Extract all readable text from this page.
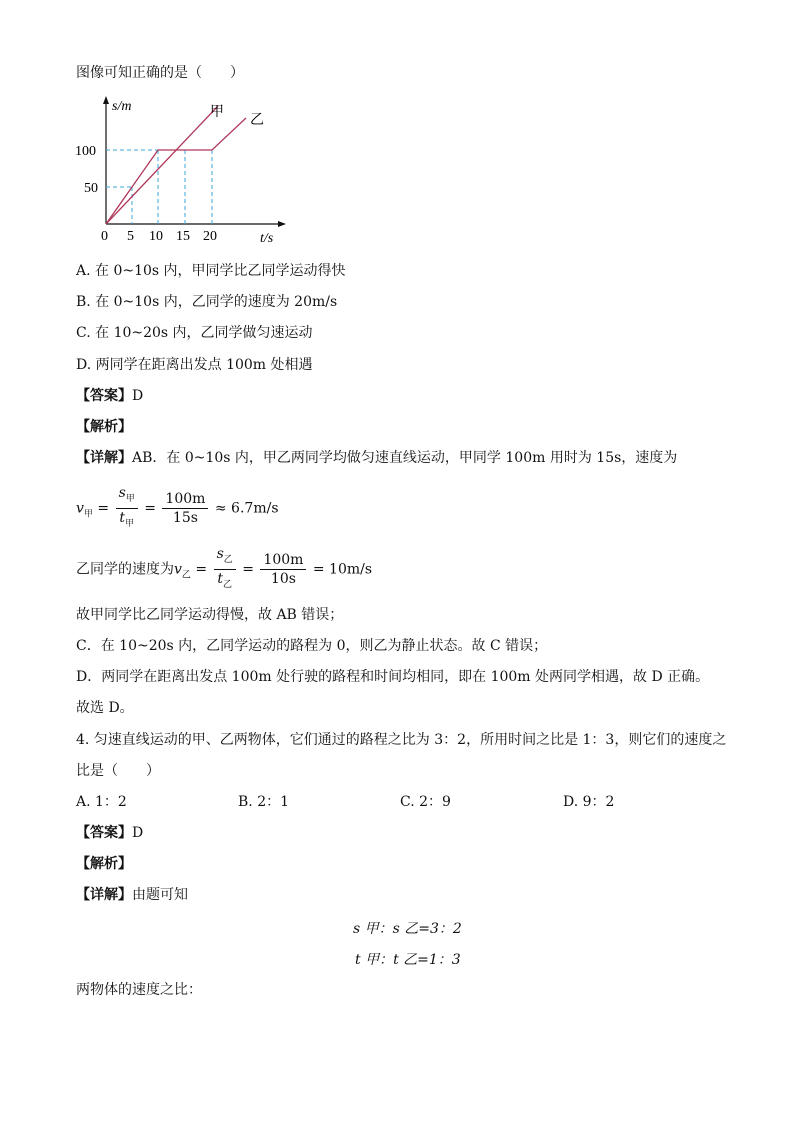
图像可知正确的是（　　）
s/m
t/s
100
50
0 5 10 15 20
甲 乙
A. 在 0~10s 内，甲同学比乙同学运动得快
B. 在 0~10s 内，乙同学的速度为 20m/s
C. 在 10~20s 内，乙同学做匀速运动
D. 两同学在距离出发点 100m 处相遇
【答案】D
【解析】
【详解】AB．在 0~10s 内，甲乙两同学均做匀速直线运动，甲同学 100m 用时为 15s，速度为
$v_甲 = \frac{s_甲}{t_甲} = \frac{100m}{15s} \approx 6.7m/s$
乙同学的速度为$v_乙 = \frac{s_乙}{t_乙} = \frac{100m}{10s} = 10m/s$
故甲同学比乙同学运动得慢，故 AB 错误；
C．在 10~20s 内，乙同学运动的路程为 0，则乙为静止状态。故 C 错误；
D．两同学在距离出发点 100m 处行驶的路程和时间均相同，即在 100m 处两同学相遇，故 D 正确。
故选 D。
4. 匀速直线运动的甲、乙两物体，它们通过的路程之比为 3：2，所用时间之比是 1：3，则它们的速度之
比是（　　）
A. 1：2	B. 2：1	C. 2：9	D. 9：2
【答案】D
【解析】
【详解】由题可知
s 甲：s 乙=3：2
t 甲：t 乙=1：3
两物体的速度之比：
